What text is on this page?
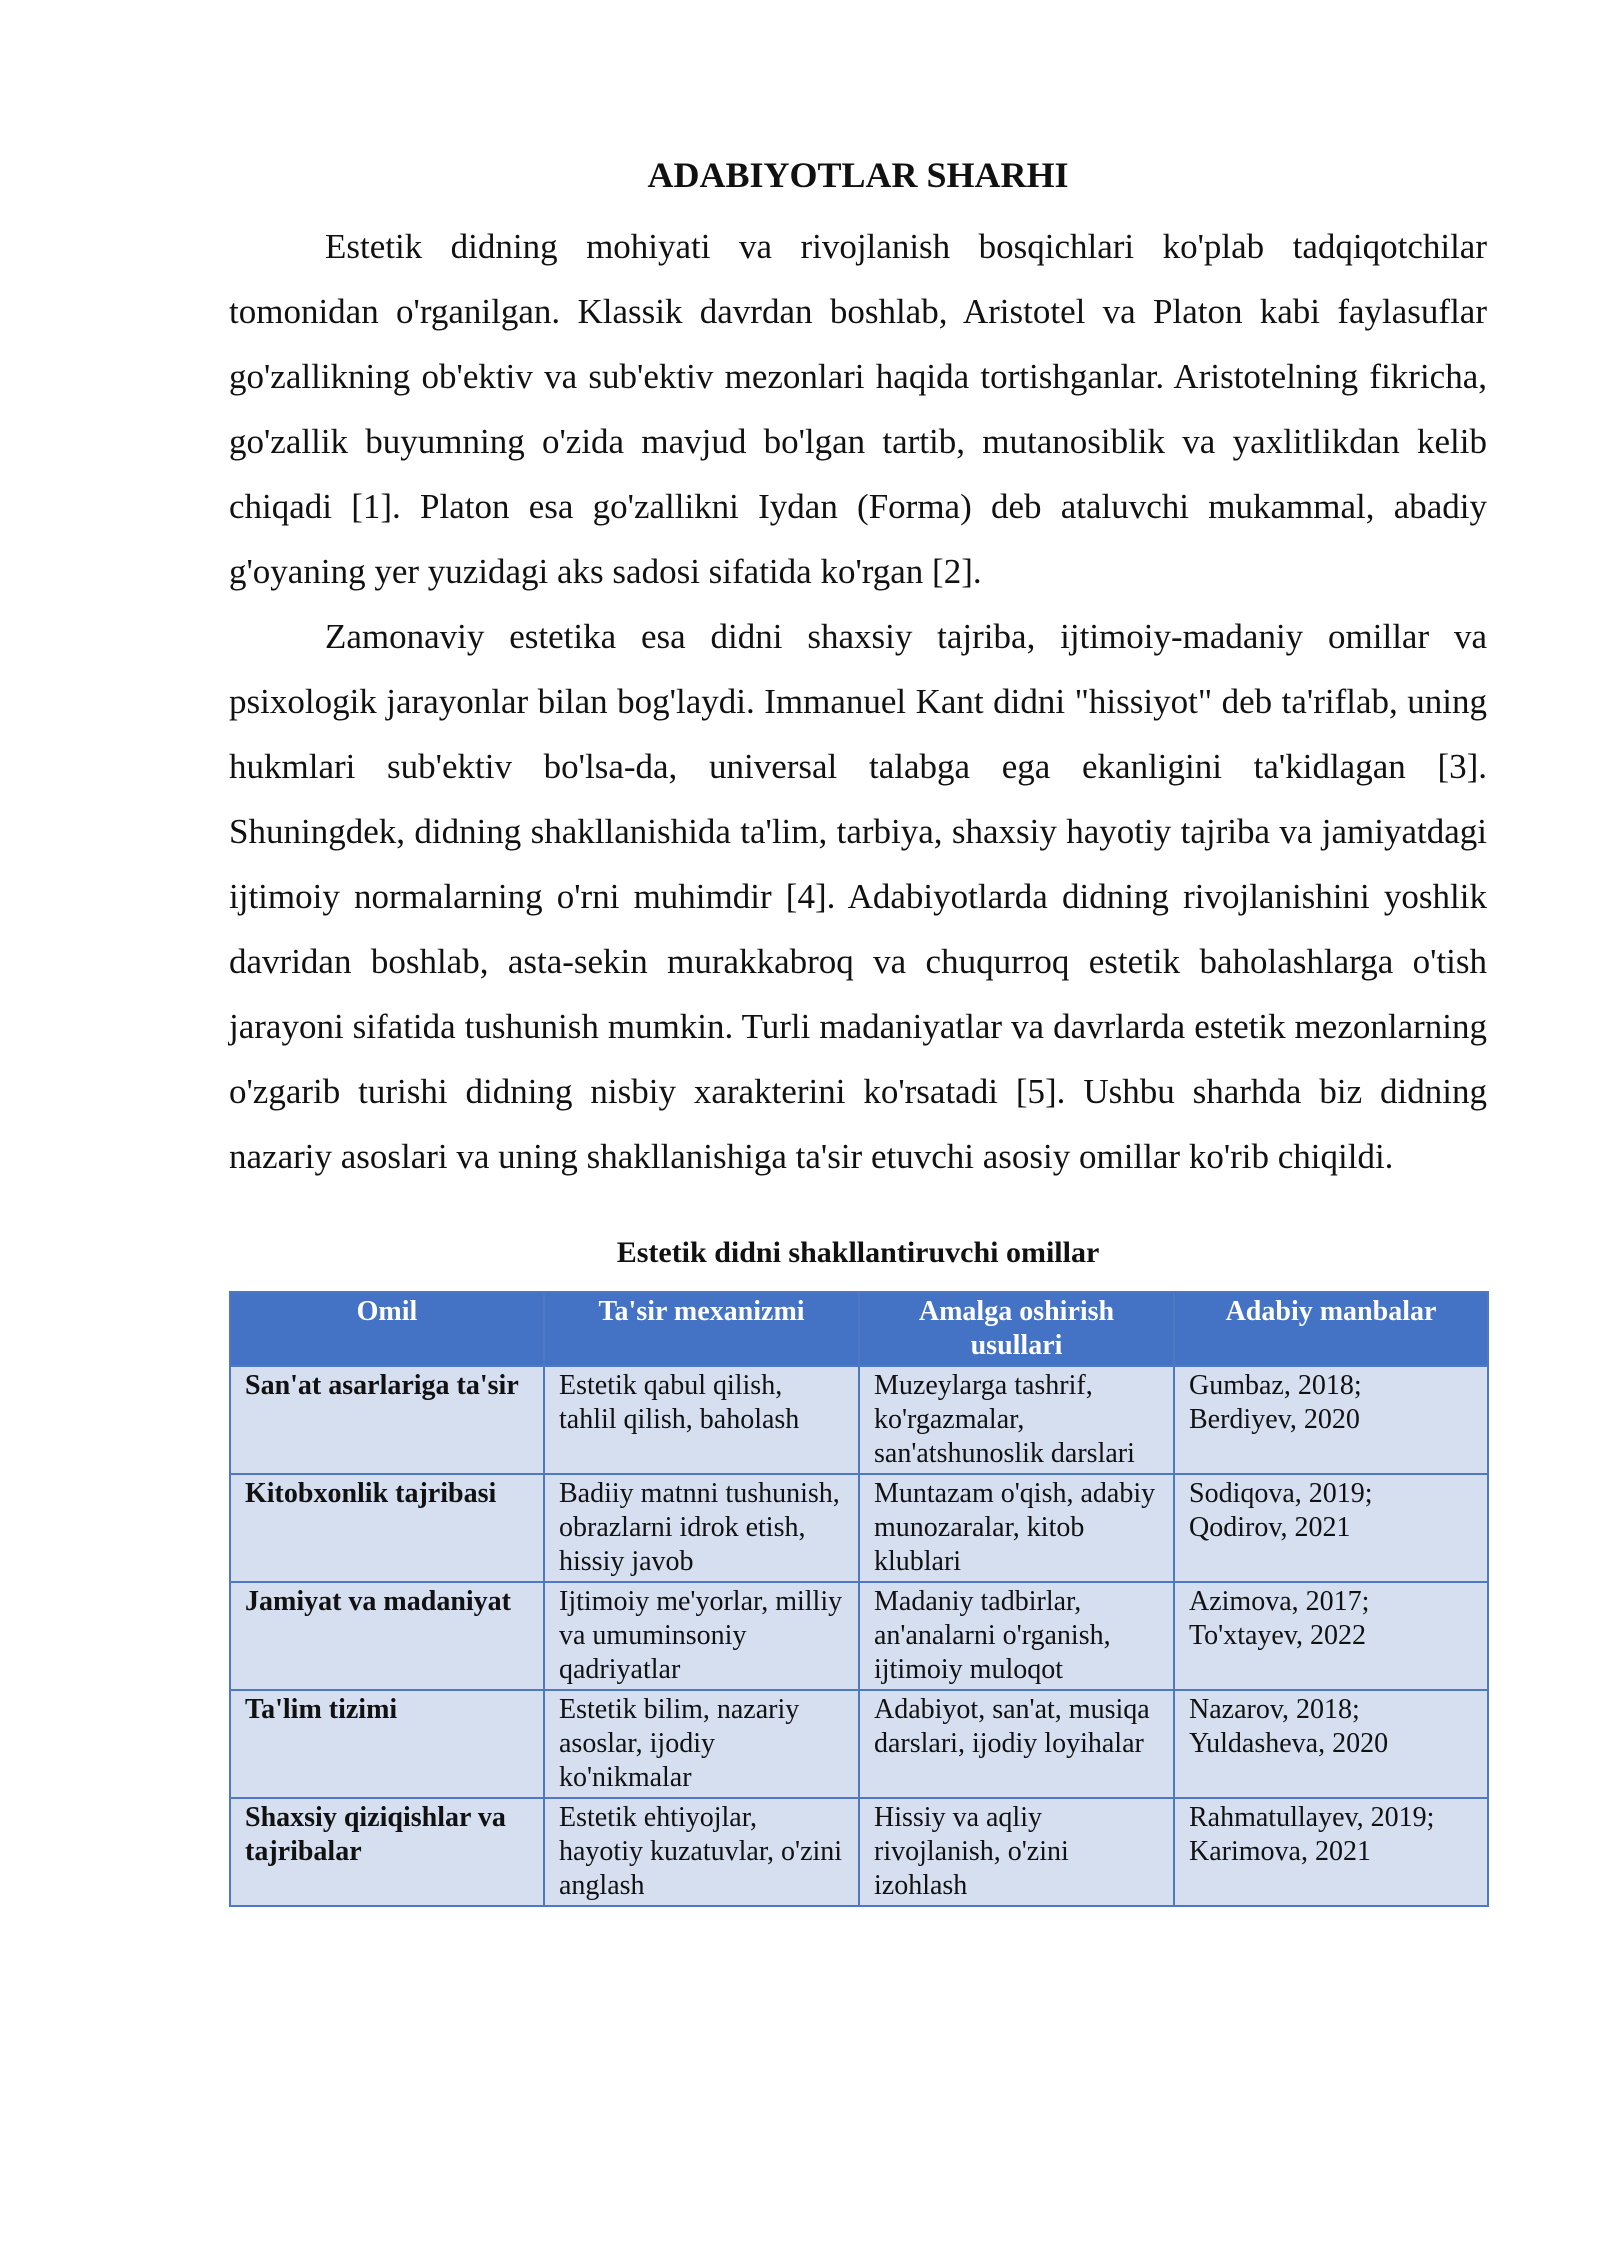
ADABIYOTLAR SHARHI

Estetik didning mohiyati va rivojlanish bosqichlari ko'plab tadqiqotchilar tomonidan o'rganilgan. Klassik davrdan boshlab, Aristotel va Platon kabi faylasuflar go'zallikning ob'ektiv va sub'ektiv mezonlari haqida tortishganlar. Aristotelning fikricha, go'zallik buyumning o'zida mavjud bo'lgan tartib, mutanosiblik va yaxlitlikdan kelib chiqadi [1]. Platon esa go'zallikni Iydan (Forma) deb ataluvchi mukammal, abadiy g'oyaning yer yuzidagi aks sadosi sifatida ko'rgan [2].

Zamonaviy estetika esa didni shaxsiy tajriba, ijtimoiy-madaniy omillar va psixologik jarayonlar bilan bog'laydi. Immanuel Kant didni "hissiyot" deb ta'riflab, uning hukmlari sub'ektiv bo'lsa-da, universal talabga ega ekanligini ta'kidlagan [3]. Shuningdek, didning shakllanishida ta'lim, tarbiya, shaxsiy hayotiy tajriba va jamiyatdagi ijtimoiy normalarning o'rni muhimdir [4]. Adabiyotlarda didning rivojlanishini yoshlik davridan boshlab, asta-sekin murakkabroq va chuqurroq estetik baholashlarga o'tish jarayoni sifatida tushunish mumkin. Turli madaniyatlar va davrlarda estetik mezonlarning o'zgarib turishi didning nisbiy xarakterini ko'rsatadi [5]. Ushbu sharhda biz didning nazariy asoslari va uning shakllanishiga ta'sir etuvchi asosiy omillar ko'rib chiqildi.

Estetik didni shakllantiruvchi omillar
Omil	Ta'sir mexanizmi	Amalga oshirish usullari	Adabiy manbalar
San'at asarlariga ta'sir	Estetik qabul qilish, tahlil qilish, baholash	Muzeylarga tashrif, ko'rgazmalar, san'atshunoslik darslari	Gumbaz, 2018; Berdiyev, 2020
Kitobxonlik tajribasi	Badiiy matnni tushunish, obrazlarni idrok etish, hissiy javob	Muntazam o'qish, adabiy munozaralar, kitob klublari	Sodiqova, 2019; Qodirov, 2021
Jamiyat va madaniyat	Ijtimoiy me'yorlar, milliy va umuminsoniy qadriyatlar	Madaniy tadbirlar, an'analarni o'rganish, ijtimoiy muloqot	Azimova, 2017; To'xtayev, 2022
Ta'lim tizimi	Estetik bilim, nazariy asoslar, ijodiy ko'nikmalar	Adabiyot, san'at, musiqa darslari, ijodiy loyihalar	Nazarov, 2018; Yuldasheva, 2020
Shaxsiy qiziqishlar va tajribalar	Estetik ehtiyojlar, hayotiy kuzatuvlar, o'zini anglash	Hissiy va aqliy rivojlanish, o'zini izohlash	Rahmatullayev, 2019; Karimova, 2021
